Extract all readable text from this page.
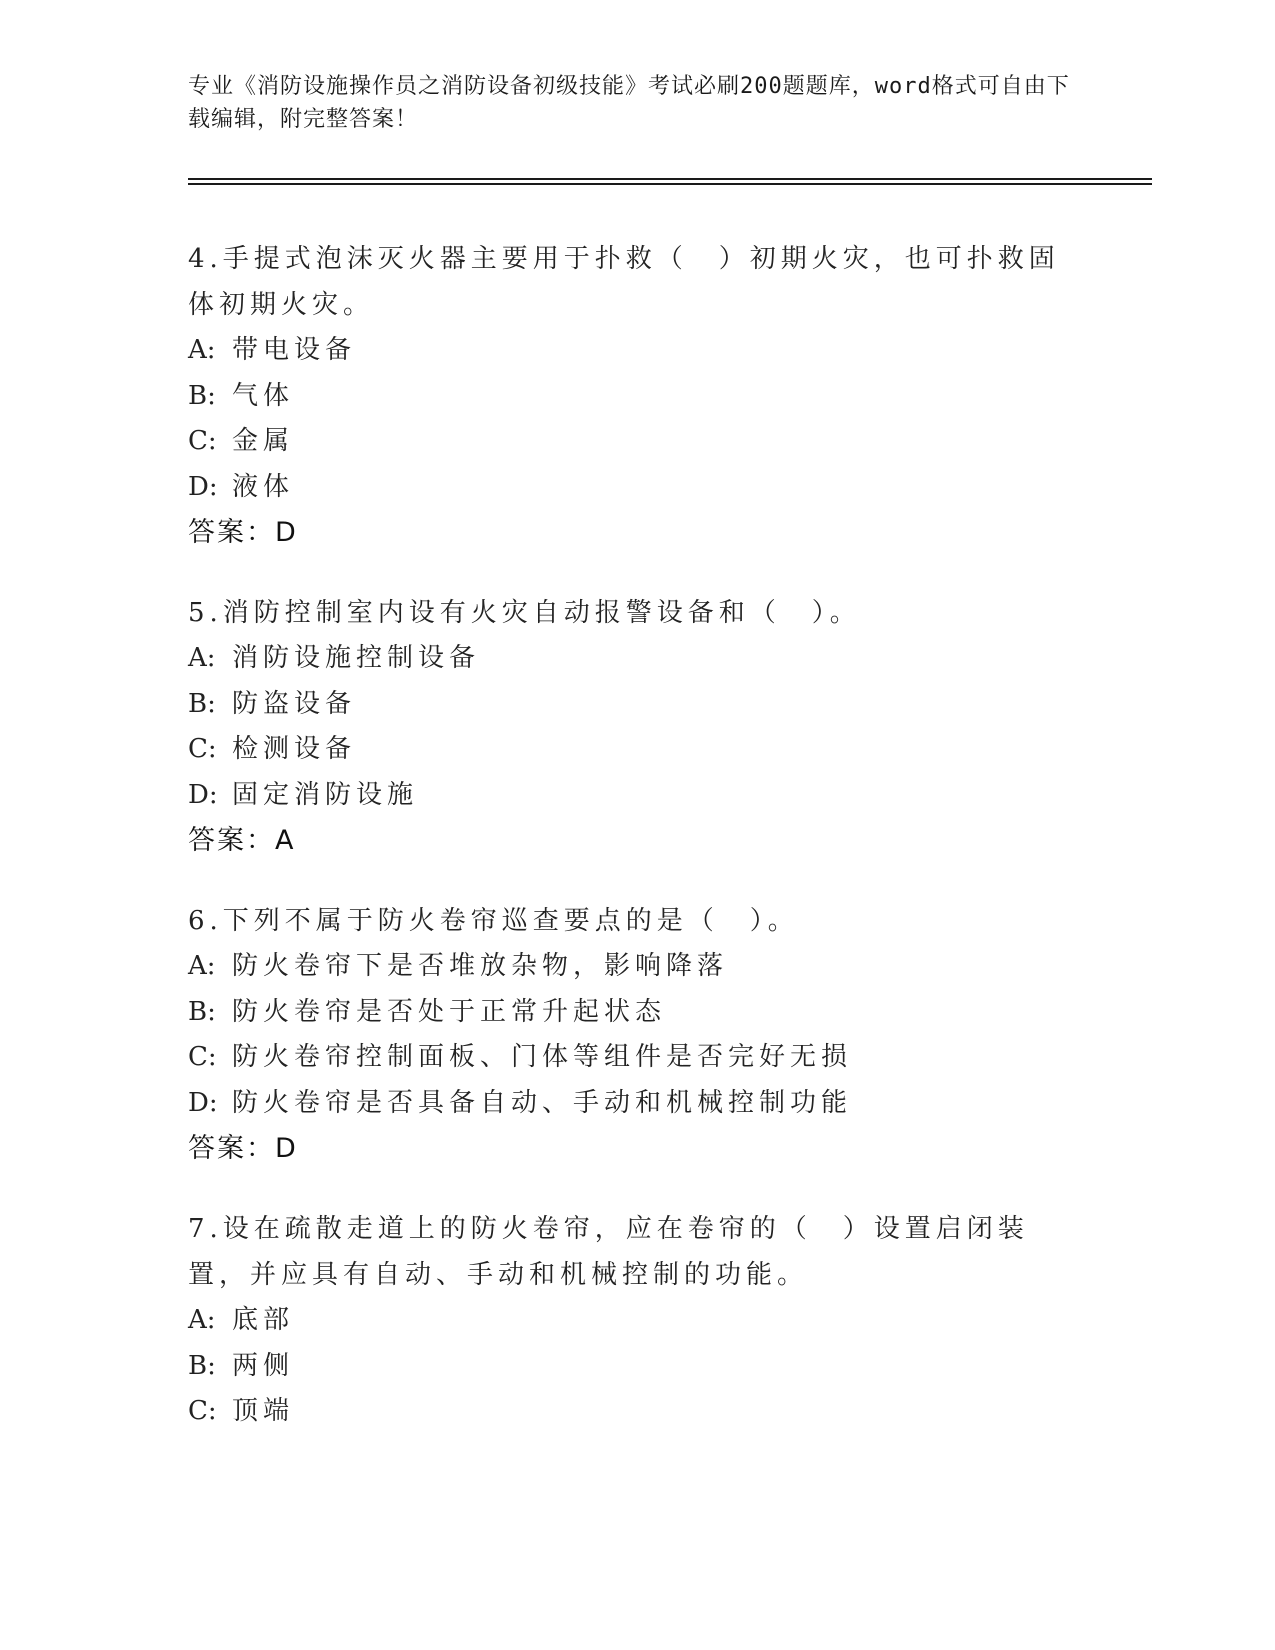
专业《消防设施操作员之消防设备初级技能》考试必刷200题题库，word格式可自由下载编辑，附完整答案！
4.手提式泡沫灭火器主要用于扑救（　）初期火灾，也可扑救固体初期火灾。
A: 带电设备
B: 气体
C: 金属
D: 液体
答案：D
5.消防控制室内设有火灾自动报警设备和（　）。
A: 消防设施控制设备
B: 防盗设备
C: 检测设备
D: 固定消防设施
答案：A
6.下列不属于防火卷帘巡查要点的是（　）。
A: 防火卷帘下是否堆放杂物，影响降落
B: 防火卷帘是否处于正常升起状态
C: 防火卷帘控制面板、门体等组件是否完好无损
D: 防火卷帘是否具备自动、手动和机械控制功能
答案：D
7.设在疏散走道上的防火卷帘，应在卷帘的（　）设置启闭装置，并应具有自动、手动和机械控制的功能。
A: 底部
B: 两侧
C: 顶端
